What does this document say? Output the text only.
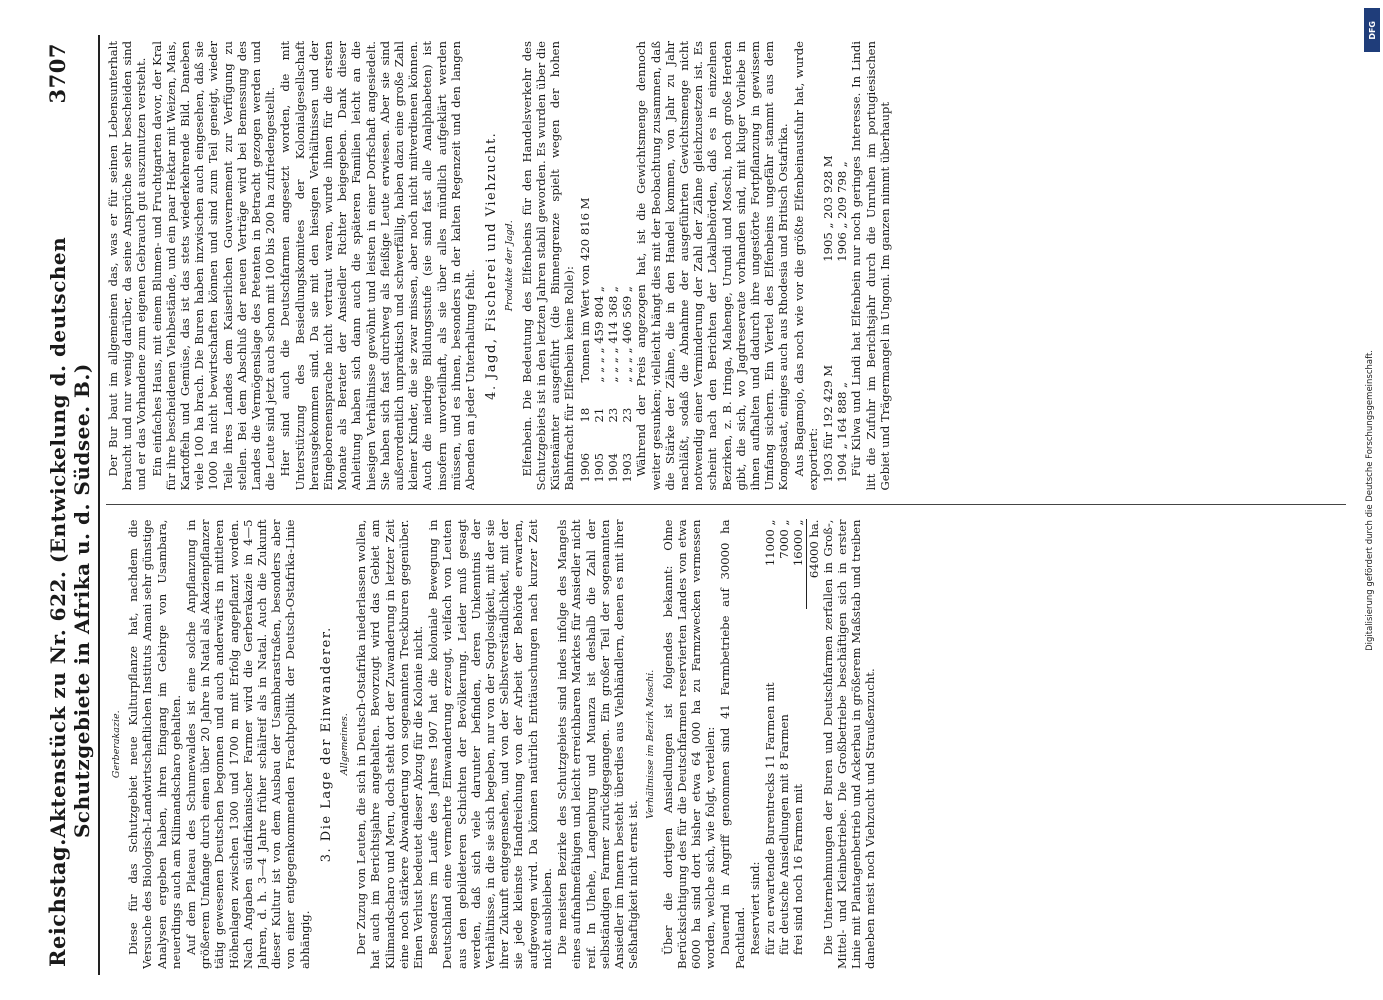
Reichstag.
Aktenstück zu Nr. 622. (Entwickelung d. deutschen Schutzgebiete in Afrika u. d. Südsee. B.)
3707
Gerberakazie. Diese für das Schutzgebiet neue Kulturpflanze hat, nachdem die Versuche des Biologisch-Landwirtschaftlichen Instituts Amani sehr günstige Analysen ergeben haben, ihren Eingang im Gebirge von Usambara, neuerdings auch am Kilimandscharo gehalten. Auf dem Plateau des Schumewaldes ist eine solche Anpflanzung in größerem Umfange durch einen über 20 Jahre in Natal als Akazienpflanzer tätig gewesenen Deutschen begonnen und auch anderwärts in mittleren Höhenlagen zwischen 1300 und 1700 m mit Erfolg angepflanzt worden. Nach Angaben südafrikanischer Farmer wird die Gerberakazie in 4—5 Jahren, d. h. 3—4 Jahre früher schälreif als in Natal. Auch die Zukunft dieser Kultur ist von dem Ausbau der Usambarastraßen, besonders aber von einer entgegenkommenden Frachtpolitik der Deutsch-Ostafrika-Linie abhängig.

3. Die Lage der Einwanderer. Allgemeines. Der Zuzug von Leuten, die sich in Deutsch-Ostafrika niederlassen wollen, hat auch im Berichtsjahre angehalten. Bevorzugt wird das Gebiet am Kilimandscharo und Meru, doch steht dort der Zuwanderung in letzter Zeit eine noch stärkere Abwanderung von sogenannten Treckburen gegenüber. Einen Verlust bedeutet dieser Abzug für die Kolonie nicht. Besonders im Laufe des Jahres 1907 hat die koloniale Bewegung in Deutschland eine vermehrte Einwanderung erzeugt, vielfach von Leuten aus den gebildeteren Schichten der Bevölkerung. Leider muß gesagt werden, daß sich viele darunter befinden, deren Unkenntnis der Verhältnisse, in die sie sich begeben, nur von der Sorglosigkeit, mit der sie ihrer Zukunft entgegensehen, und von der Selbstverständlichkeit, mit der sie jede kleinste Handreichung von der Arbeit der Behörde erwarten, aufgewogen wird. Da können natürlich Enttäuschungen nach kurzer Zeit nicht ausbleiben. Die meisten Bezirke des Schutzgebiets sind indes infolge des Mangels eines aufnahmefähigen und leicht erreichbaren Marktes für Ansiedler nicht reif. In Uhehe, Langenburg und Muanza ist deshalb die Zahl der selbständigen Farmer zurückgegangen. Ein großer Teil der sogenannten Ansiedler im Innern besteht überdies aus Viehhändlern, denen es mit ihrer Seßhaftigkeit nicht ernst ist.

Verhältnisse im Bezirk Moschi. Über die dortigen Ansiedlungen ist folgendes bekannt: Ohne Berücksichtigung des für die Deutschfarmen reservierten Landes von etwa 6000 ha sind dort bisher etwa 64 000 ha zu Farmzwecken vermessen worden, welche sich, wie folgt, verteilen: Dauernd in Angriff genommen sind 41 Farmbetriebe auf 30000 ha Pachtland. Reserviert sind: für zu erwartende Burentrecks 11 Farmen mit
11000 „
für deutsche Ansiedlungen mit 8 Farmen
7000 „
frei sind noch 16 Farmen mit
16000 „ 64000 ha. Die Unternehmungen der Buren und Deutschfarmen zerfallen in Groß-, Mittel- und Kleinbetriebe. Die Großbetriebe beschäftigen sich in erster Linie mit Plantagenbetrieb und Ackerbau in größerem Maßstab und treiben daneben meist noch Viehzucht und Straußenzucht.

Der Bur baut im allgemeinen das, was er für seinen Lebensunterhalt braucht und nur wenig darüber, da seine Ansprüche sehr bescheiden sind und er das Vorhandene zum eigenen Gebrauch gut auszunutzen versteht. Ein einfaches Haus, mit einem Blumen- und Fruchtgarten davor, der Kral für ihre bescheidenen Viehbestände, und ein paar Hektar mit Weizen, Mais, Kartoffeln und Gemüse, das ist das stets wiederkehrende Bild. Daneben viele 100 ha brach. Die Buren haben inzwischen auch eingesehen, daß sie 1000 ha nicht bewirtschaften können und sind zum Teil geneigt, wieder Teile ihres Landes dem Kaiserlichen Gouvernement zur Verfügung zu stellen. Bei dem Abschluß der neuen Verträge wird bei Bemessung des Landes die Vermögenslage des Petenten in Betracht gezogen werden und die Leute sind jetzt auch schon mit 100 bis 200 ha zufriedengestellt. Hier sind auch die Deutschfarmen angesetzt worden, die mit Unterstützung des Besiedlungskomitees der Kolonialgesellschaft herausgekommen sind. Da sie mit den hiesigen Verhältnissen und der Eingeborenensprache nicht vertraut waren, wurde ihnen für die ersten Monate als Berater der Ansiedler Richter beigegeben. Dank dieser Anleitung haben sich dann auch die späteren Familien leicht an die hiesigen Verhältnisse gewöhnt und leisten in einer Dorfschaft angesiedelt. Sie haben sich fast durchweg als fleißige Leute erwiesen. Aber sie sind außerordentlich unpraktisch und schwerfällig, haben dazu eine große Zahl kleiner Kinder, die sie zwar missen, aber noch nicht mitverdienen können. Auch die niedrige Bildungsstufe (sie sind fast alle Analphabeten) ist insofern unvorteilhaft, als sie über alles mündlich aufgeklärt werden müssen, und es ihnen, besonders in der kalten Regenzeit und den langen Abenden an jeder Unterhaltung fehlt. 4. Jagd, Fischerei und Viehzucht. Produkte der Jagd. Elfenbein. Die Bedeutung des Elfenbeins für den Handelsverkehr des Schutzgebiets ist in den letzten Jahren stabil geworden. Es wurden über die Küstenämter ausgeführt (die Binnengrenze spielt wegen der hohen Bahnfracht für Elfenbein keine Rolle): 1906
18
Tonnen im Wert von 420 816 M
1905
21
„ „ „ „ 459 804 „
1904
23
„ „ „ „ 414 368 „
1903
23
„ „ „ „ 406 569 „ Während der Preis angezogen hat, ist die Gewichtsmenge dennoch weiter gesunken; vielleicht hängt dies mit der Beobachtung zusammen, daß die Stärke der Zähne, die in den Handel kommen, von Jahr zu Jahr nachläßt, sodaß die Abnahme der ausgeführten Gewichtsmenge nicht notwendig einer Verminderung der Zahl der Zähne gleichzusetzen ist. Es scheint nach den Berichten der Lokalbehörden, daß es in einzelnen Bezirken, z. B. Iringa, Mahenge, Urundi und Moschi, noch große Herden gibt, die sich, wo Jagdreservate vorhanden sind, mit kluger Vorliebe in ihnen aufhalten und dadurch ihre ungestörte Fortpflanzung in gewissem Umfang sichern. Ein Viertel des Elfenbeins ungefähr stammt aus dem Kongostaat, einiges auch aus Rhodesia und Britisch Ostafrika. Aus Bagamojo, das noch wie vor die größte Elfenbeinausfuhr hat, wurde exportiert: 1903 für 192 429 M
1905 „ 203 928 M
1904 „ 164 888 „
1906 „ 209 798 „ Für Kilwa und Lindi hat Elfenbein nur noch geringes Interesse. In Lindi litt die Zufuhr im Berichtsjahr durch die Unruhen im portugiesischen Gebiet und Trägermangel in Ungoni. Im ganzen nimmt überhaupt

DFG
Digitalisierung gefördert durch die Deutsche Forschungsgemeinschaft.
